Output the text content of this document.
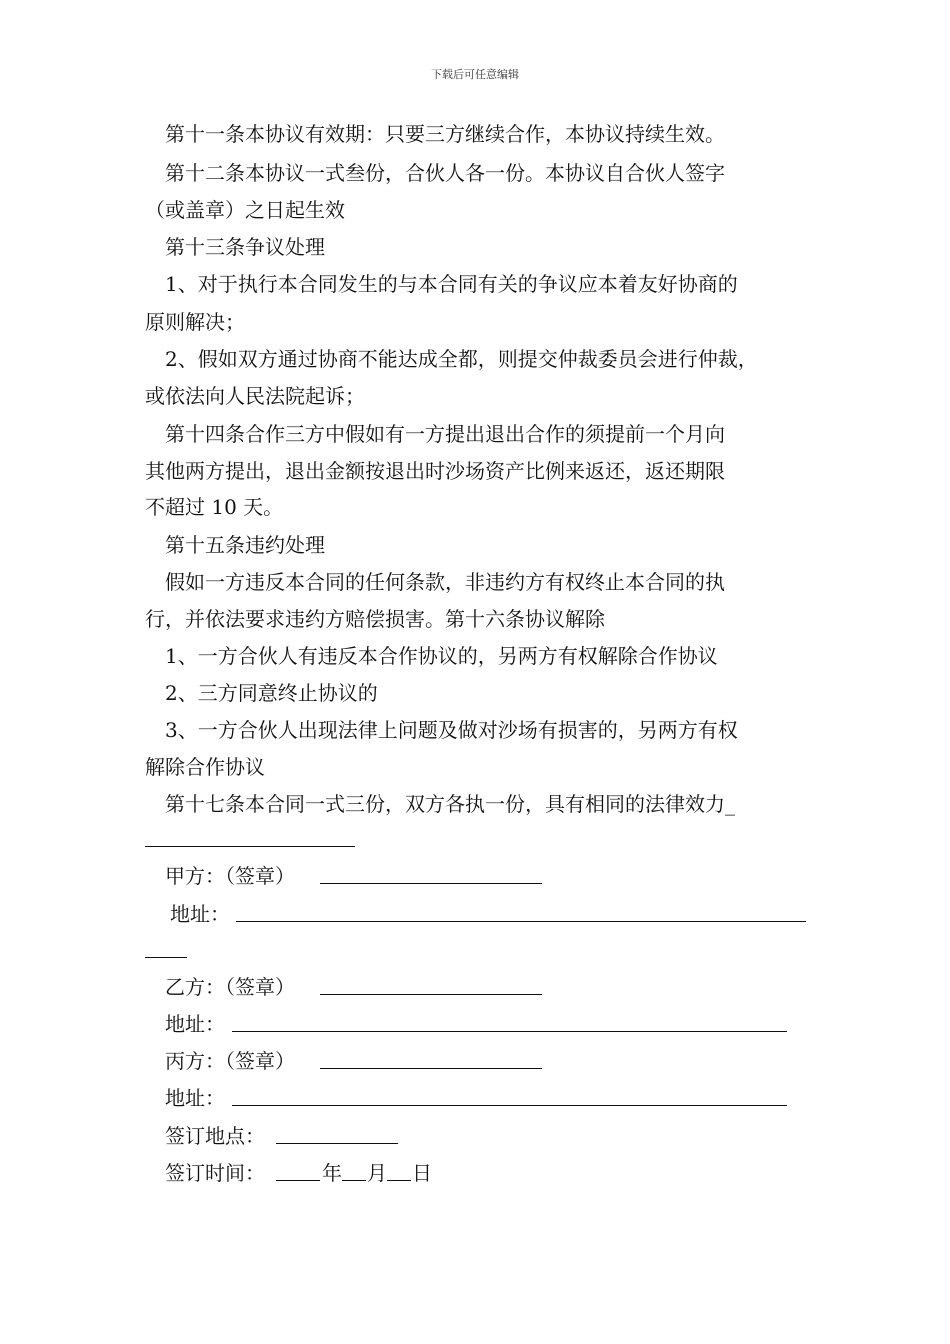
下载后可任意编辑
第十一条本协议有效期：只要三方继续合作，本协议持续生效。
第十二条本协议一式叁份，合伙人各一份。本协议自合伙人签字
（或盖章）之日起生效
第十三条争议处理
1、对于执行本合同发生的与本合同有关的争议应本着友好协商的
原则解决；
2、假如双方通过协商不能达成全都，则提交仲裁委员会进行仲裁，
或依法向人民法院起诉；
第十四条合作三方中假如有一方提出退出合作的须提前一个月向
其他两方提出，退出金额按退出时沙场资产比例来返还，返还期限
不超过 10 天。
第十五条违约处理
假如一方违反本合同的任何条款，非违约方有权终止本合同的执
行，并依法要求违约方赔偿损害。第十六条协议解除
1、一方合伙人有违反本合作协议的，另两方有权解除合作协议
2、三方同意终止协议的
3、一方合伙人出现法律上问题及做对沙场有损害的，另两方有权
解除合作协议
第十七条本合同一式三份，双方各执一份，具有相同的法律效力_
甲方：（签章）
地址：
乙方：（签章）
地址：
丙方：（签章）
地址：
签订地点：
签订时间：	年 月 日
